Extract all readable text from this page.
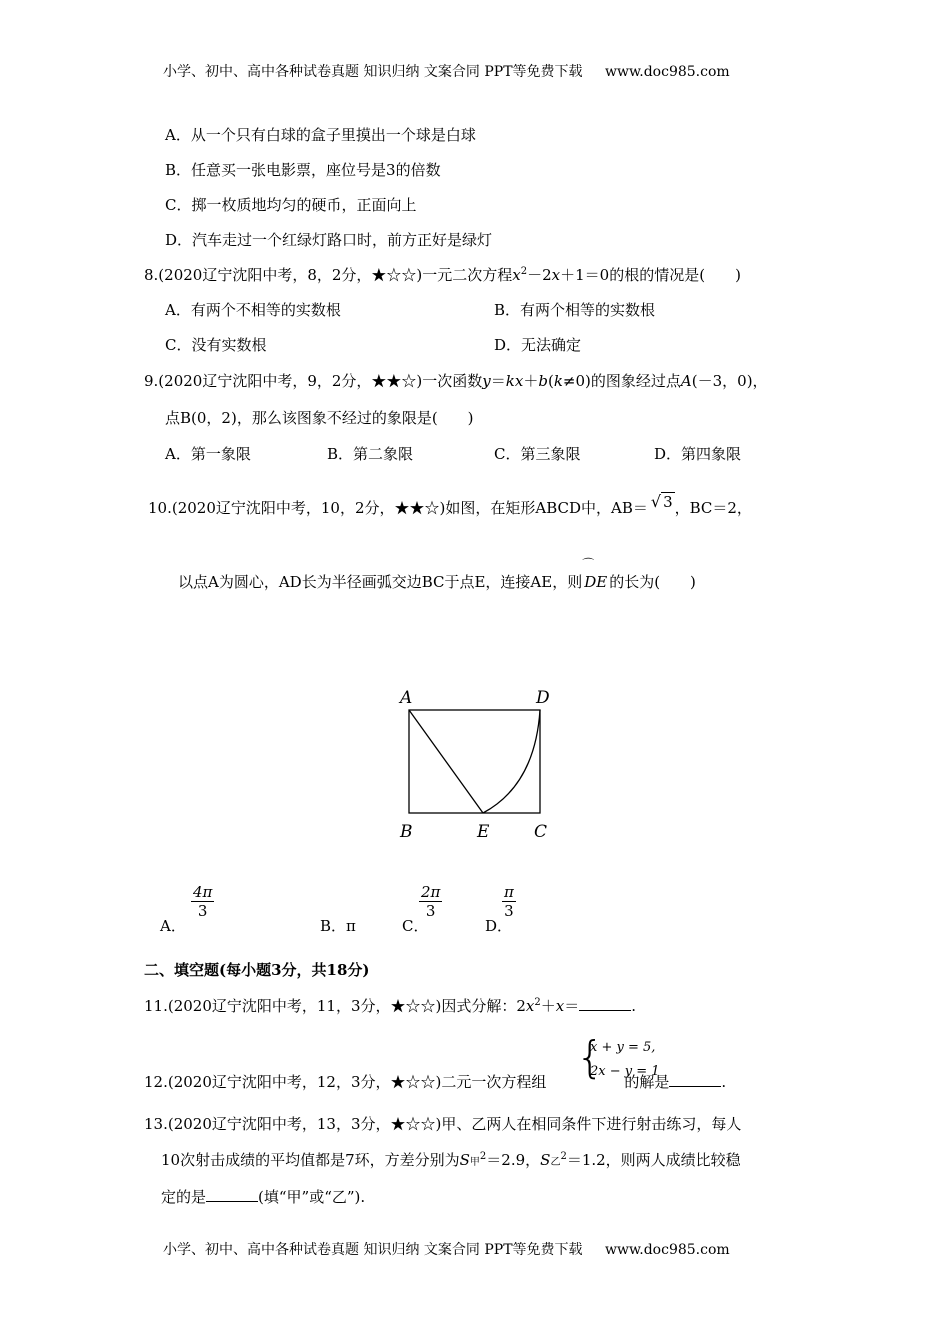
小学、初中、高中各种试卷真题 知识归纳 文案合同 PPT等免费下载 www.doc985.com
A．从一个只有白球的盒子里摸出一个球是白球
B．任意买一张电影票，座位号是3的倍数
C．掷一枚质地均匀的硬币，正面向上
D．汽车走过一个红绿灯路口时，前方正好是绿灯
8.(2020辽宁沈阳中考，8，2分，★☆☆)一元二次方程$x^2-2x+1=0$的根的情况是(　　)
A．有两个不相等的实数根	B．有两个相等的实数根
C．没有实数根	D．无法确定
9.(2020辽宁沈阳中考，9，2分，★★☆)一次函数y＝kx＋b(k≠0)的图象经过点A(－3，0)，
点B(0，2)，那么该图象不经过的象限是(　　)
A．第一象限	B．第二象限	C．第三象限	D．第四象限
10.(2020辽宁沈阳中考，10，2分，★★☆)如图，在矩形ABCD中，AB＝ √ 3 ，BC＝2，
以点A为圆心，AD长为半径画弧交边BC于点E，连接AE，则
⌒
DE 的长为(　　)
A	D
B	E	C
A．
$\frac{4\pi}{3}$
B．π	C．
$\frac{2\pi}{3}$
D．
$\frac{\pi}{3}$
二、填空题(每小题3分，共18分)
11.(2020辽宁沈阳中考，11，3分，★☆☆)因式分解：$2x^2+x=$	.
12.(2020辽宁沈阳中考，12，3分，★☆☆)二元一次方程组	的解是	.
{
x + y = 5,
2x − y = 1
13.(2020辽宁沈阳中考，13，3分，★☆☆)甲、乙两人在相同条件下进行射击练习，每人
10次射击成绩的平均值都是7环，方差分别为S甲$^2$＝2.9，S乙$^2$＝1.2，则两人成绩比较稳
定的是	(填“甲”或“乙”).
小学、初中、高中各种试卷真题 知识归纳 文案合同 PPT等免费下载 www.doc985.com
